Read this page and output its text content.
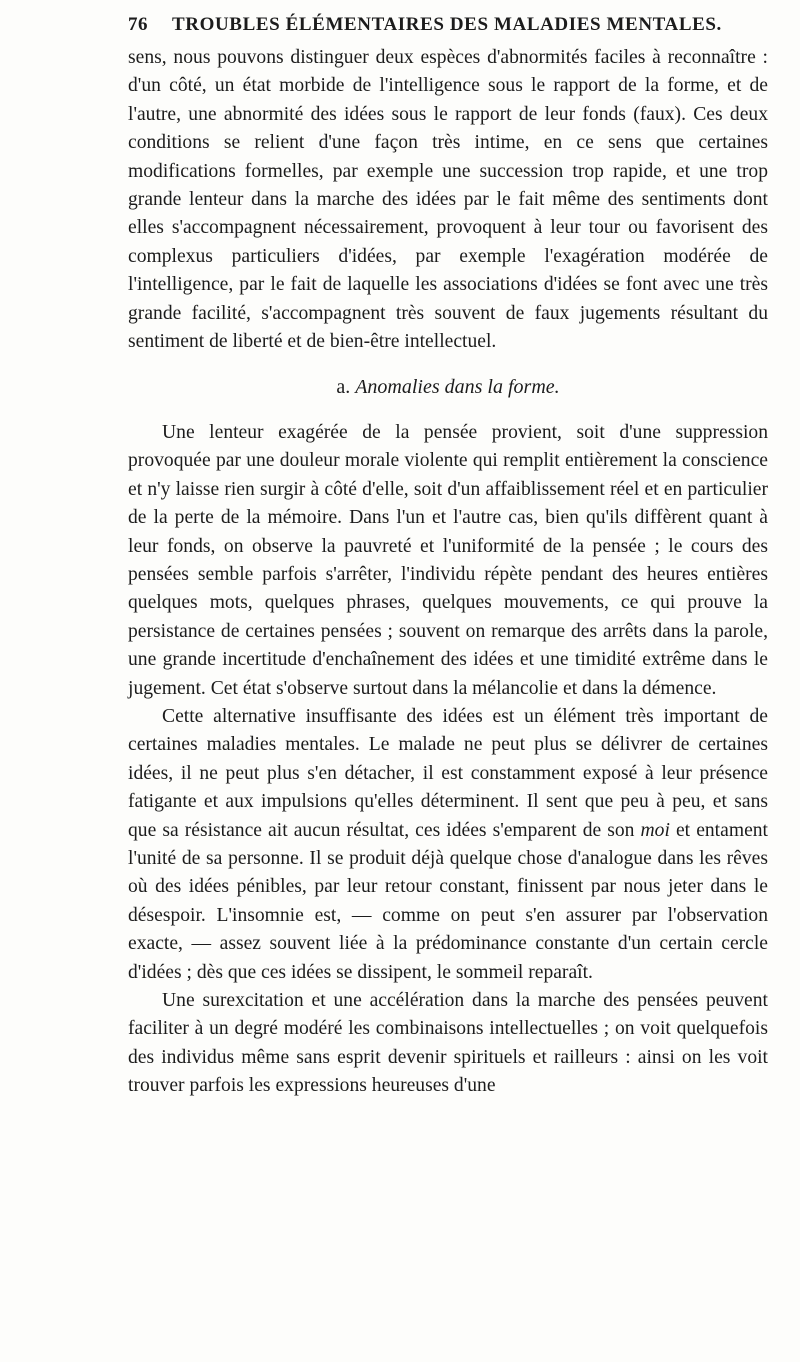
76 TROUBLES ÉLÉMENTAIRES DES MALADIES MENTALES.

sens, nous pouvons distinguer deux espèces d'abnormités faciles à reconnaître : d'un côté, un état morbide de l'intelligence sous le rapport de la forme, et de l'autre, une abnormité des idées sous le rapport de leur fonds (faux). Ces deux conditions se relient d'une façon très intime, en ce sens que certaines modifications formelles, par exemple une succession trop rapide, et une trop grande lenteur dans la marche des idées par le fait même des sentiments dont elles s'accompagnent nécessairement, provoquent à leur tour ou favorisent des complexus particuliers d'idées, par exemple l'exagération modérée de l'intelligence, par le fait de laquelle les associations d'idées se font avec une très grande facilité, s'accompagnent très souvent de faux jugements résultant du sentiment de liberté et de bien-être intellectuel.

a. Anomalies dans la forme.

Une lenteur exagérée de la pensée provient, soit d'une suppression provoquée par une douleur morale violente qui remplit entièrement la conscience et n'y laisse rien surgir à côté d'elle, soit d'un affaiblissement réel et en particulier de la perte de la mémoire. Dans l'un et l'autre cas, bien qu'ils diffèrent quant à leur fonds, on observe la pauvreté et l'uniformité de la pensée ; le cours des pensées semble parfois s'arrêter, l'individu répète pendant des heures entières quelques mots, quelques phrases, quelques mouvements, ce qui prouve la persistance de certaines pensées ; souvent on remarque des arrêts dans la parole, une grande incertitude d'enchaînement des idées et une timidité extrême dans le jugement. Cet état s'observe surtout dans la mélancolie et dans la démence.

Cette alternative insuffisante des idées est un élément très important de certaines maladies mentales. Le malade ne peut plus se délivrer de certaines idées, il ne peut plus s'en détacher, il est constamment exposé à leur présence fatigante et aux impulsions qu'elles déterminent. Il sent que peu à peu, et sans que sa résistance ait aucun résultat, ces idées s'emparent de son moi et entament l'unité de sa personne. Il se produit déjà quelque chose d'analogue dans les rêves où des idées pénibles, par leur retour constant, finissent par nous jeter dans le désespoir. L'insomnie est, — comme on peut s'en assurer par l'observation exacte, — assez souvent liée à la prédominance constante d'un certain cercle d'idées ; dès que ces idées se dissipent, le sommeil reparaît.

Une surexcitation et une accélération dans la marche des pensées peuvent faciliter à un degré modéré les combinaisons intellectuelles ; on voit quelquefois des individus même sans esprit devenir spirituels et railleurs : ainsi on les voit trouver parfois les expressions heureuses d'une
